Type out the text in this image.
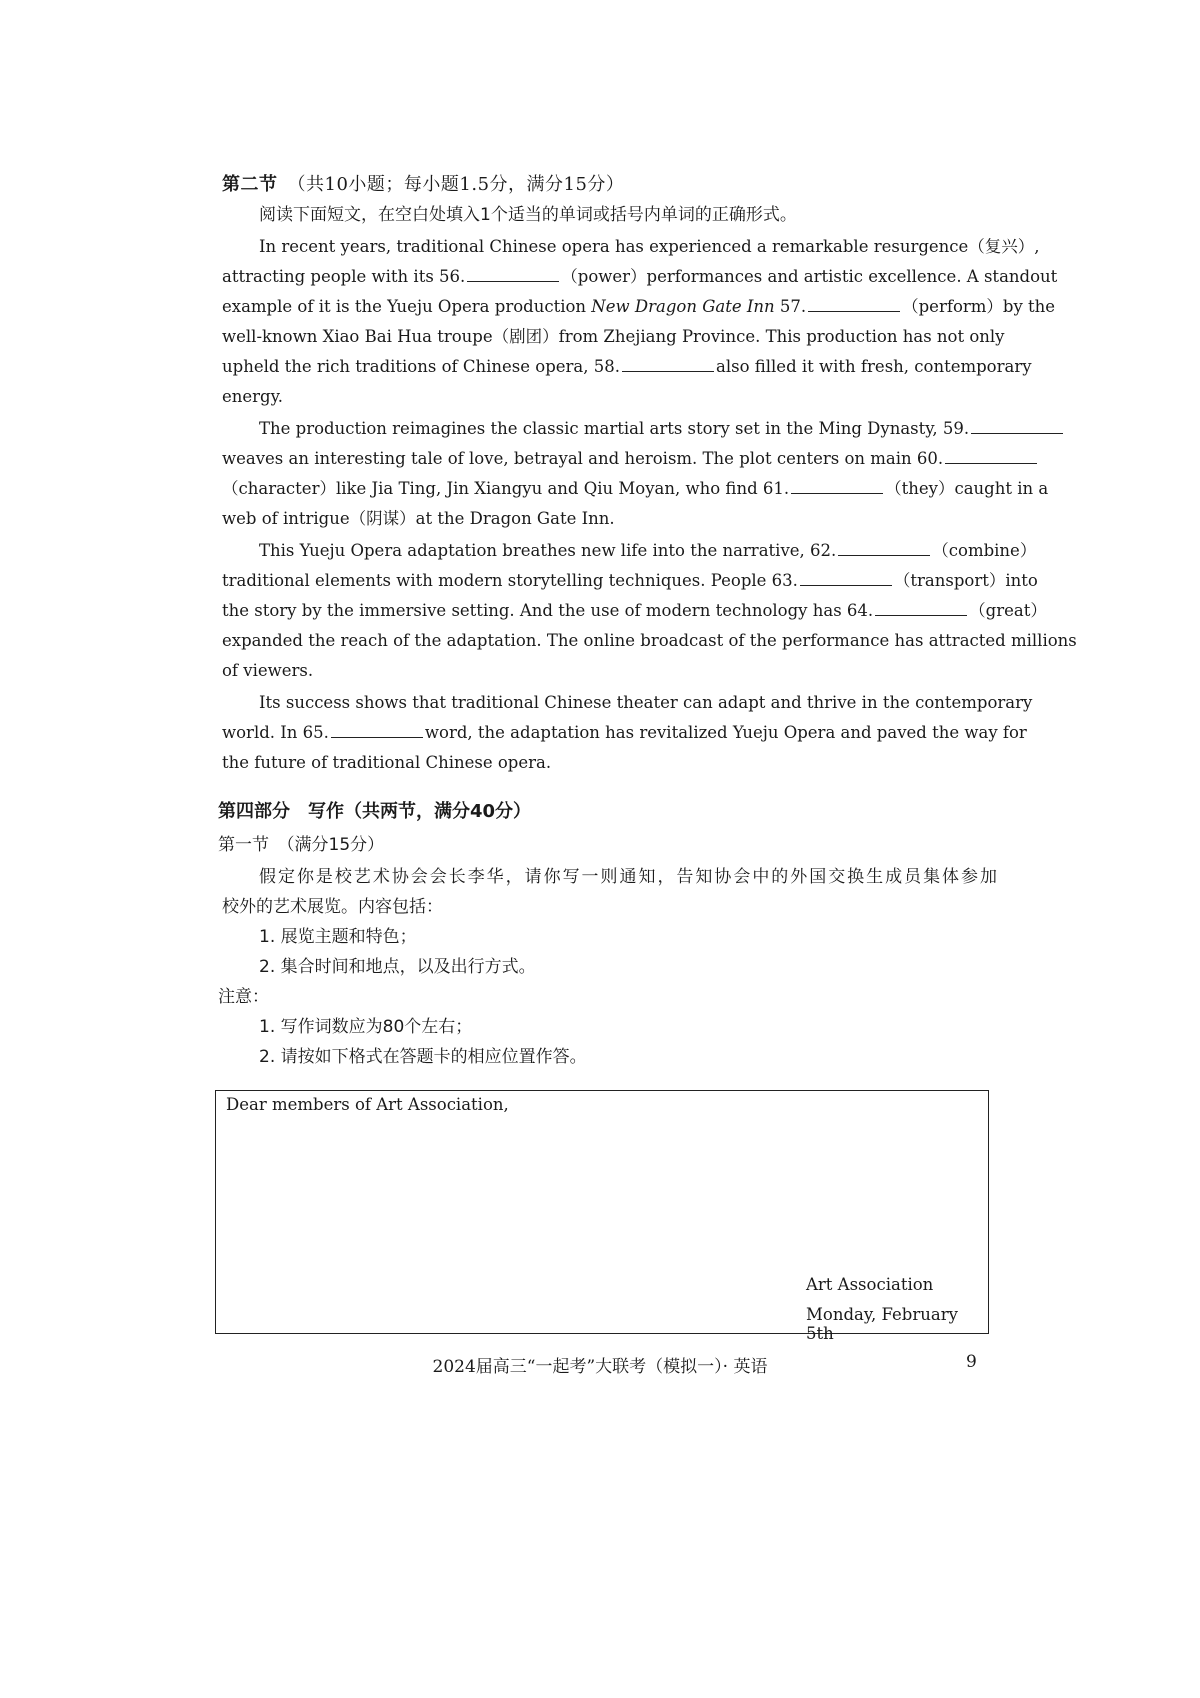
第二节 （共10小题；每小题1.5分，满分15分）
阅读下面短文，在空白处填入1个适当的单词或括号内单词的正确形式。
In recent years, traditional Chinese opera has experienced a remarkable resurgence（复兴）,
attracting people with its 56.	（power）performances and artistic excellence. A standout
example of it is the Yueju Opera production New Dragon Gate Inn 57.	（perform）by the
well-known Xiao Bai Hua troupe（剧团）from Zhejiang Province. This production has not only
upheld the rich traditions of Chinese opera, 58.	also filled it with fresh, contemporary
energy.
The production reimagines the classic martial arts story set in the Ming Dynasty, 59.
weaves an interesting tale of love, betrayal and heroism. The plot centers on main 60.
（character）like Jia Ting, Jin Xiangyu and Qiu Moyan, who find 61.	（they）caught in a
web of intrigue（阴谋）at the Dragon Gate Inn.
This Yueju Opera adaptation breathes new life into the narrative, 62.	（combine）
traditional elements with modern storytelling techniques. People 63.	（transport）into
the story by the immersive setting. And the use of modern technology has 64.	（great）
expanded the reach of the adaptation. The online broadcast of the performance has attracted millions
of viewers.
Its success shows that traditional Chinese theater can adapt and thrive in the contemporary
world. In 65.	word, the adaptation has revitalized Yueju Opera and paved the way for
the future of traditional Chinese opera.
第四部分　写作（共两节，满分40分）
第一节　（满分15分）
假定你是校艺术协会会长李华，请你写一则通知，告知协会中的外国交换生成员集体参加
校外的艺术展览。内容包括：
1. 展览主题和特色；
2. 集合时间和地点，以及出行方式。
注意：
1. 写作词数应为80个左右；
2. 请按如下格式在答题卡的相应位置作答。
Dear members of Art Association,
Art Association
Monday, February 5th
2024届高三“一起考”大联考（模拟一）· 英语	9
